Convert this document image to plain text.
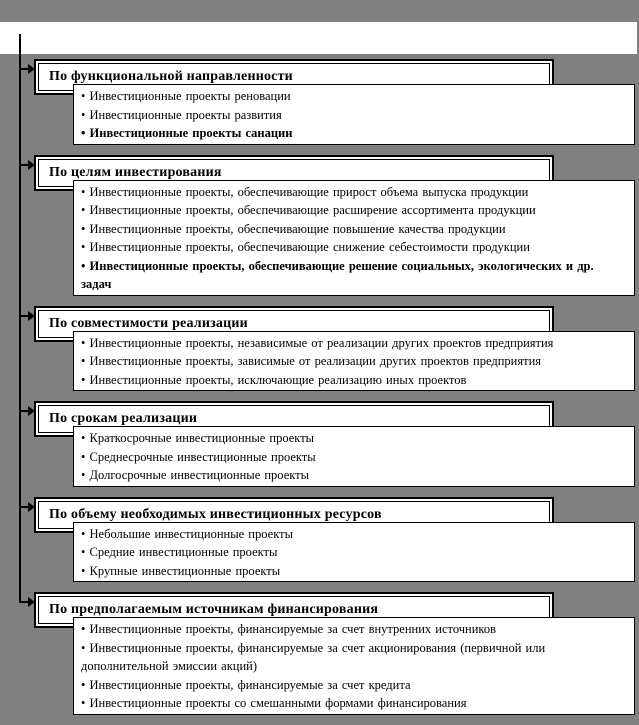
По функциональной направленности
• Инвестиционные проекты реновации
• Инвестиционные проекты развития
• Инвестиционные проекты санации
По целям инвестирования
• Инвестиционные проекты, обеспечивающие прирост объема выпуска продукции
• Инвестиционные проекты, обеспечивающие расширение ассортимента продукции
• Инвестиционные проекты, обеспечивающие повышение качества продукции
• Инвестиционные проекты, обеспечивающие снижение себестоимости продукции
• Инвестиционные проекты, обеспечивающие решение социальных, экологических и др. задач
По совместимости реализации
• Инвестиционные проекты, независимые от реализации других проектов предприятия
• Инвестиционные проекты, зависимые от реализации других проектов предприятия
• Инвестиционные проекты, исключающие реализацию иных проектов
По срокам реализации
• Краткосрочные инвестиционные проекты
• Среднесрочные инвестиционные проекты
• Долгосрочные инвестиционные проекты
По объему необходимых инвестиционных ресурсов
• Небольшие инвестиционные проекты
• Средние инвестиционные проекты
• Крупные инвестиционные проекты
По предполагаемым источникам финансирования
• Инвестиционные проекты, финансируемые за счет внутренних источников
• Инвестиционные проекты, финансируемые за счет акционирования (первичной или дополнительной эмиссии акций)
• Инвестиционные проекты, финансируемые за счет кредита
• Инвестиционные проекты со смешанными формами финансирования
